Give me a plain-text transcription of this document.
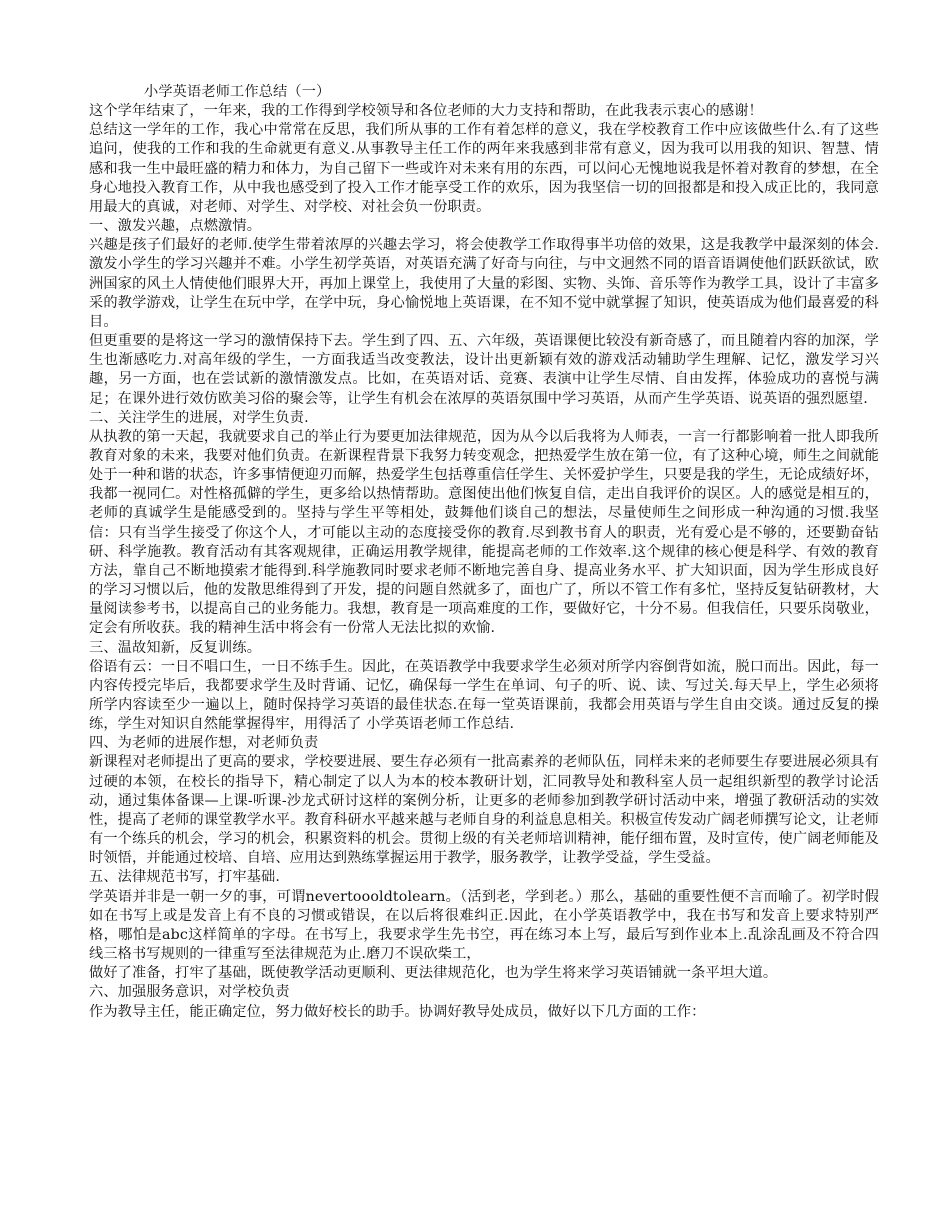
小学英语老师工作总结（一）

这个学年结束了，一年来，我的工作得到学校领导和各位老师的大力支持和帮助，在此我表示衷心的感谢！

总结这一学年的工作，我心中常常在反思，我们所从事的工作有着怎样的意义，我在学校教育工作中应该做些什么.有了这些追问，使我的工作和我的生命就更有意义.从事教导主任工作的两年来我感到非常有意义，因为我可以用我的知识、智慧、情感和我一生中最旺盛的精力和体力，为自己留下一些或许对未来有用的东西，可以问心无愧地说我是怀着对教育的梦想，在全身心地投入教育工作，从中我也感受到了投入工作才能享受工作的欢乐，因为我坚信一切的回报都是和投入成正比的，我同意用最大的真诚，对老师、对学生、对学校、对社会负一份职责。

一、激发兴趣，点燃激情。

兴趣是孩子们最好的老师.使学生带着浓厚的兴趣去学习，将会使教学工作取得事半功倍的效果，这是我教学中最深刻的体会.激发小学生的学习兴趣并不难。小学生初学英语，对英语充满了好奇与向往，与中文迥然不同的语音语调使他们跃跃欲试，欧洲国家的风土人情使他们眼界大开，再加上课堂上，我使用了大量的彩图、实物、头饰、音乐等作为教学工具，设计了丰富多采的教学游戏，让学生在玩中学，在学中玩，身心愉悦地上英语课，在不知不觉中就掌握了知识，使英语成为他们最喜爱的科目。

但更重要的是将这一学习的激情保持下去。学生到了四、五、六年级，英语课便比较没有新奇感了，而且随着内容的加深，学生也渐感吃力.对高年级的学生，一方面我适当改变教法，设计出更新颖有效的游戏活动辅助学生理解、记忆，激发学习兴趣，另一方面，也在尝试新的激情激发点。比如，在英语对话、竞赛、表演中让学生尽情、自由发挥，体验成功的喜悦与满足；在课外进行效仿欧美习俗的聚会等，让学生有机会在浓厚的英语氛围中学习英语，从而产生学英语、说英语的强烈愿望.

二、关注学生的进展，对学生负责.

从执教的第一天起，我就要求自己的举止行为要更加法律规范，因为从今以后我将为人师表，一言一行都影响着一批人即我所教育对象的未来，我要对他们负责。在新课程背景下我努力转变观念，把热爱学生放在第一位，有了这种心境，师生之间就能处于一种和谐的状态，许多事情便迎刃而解，热爱学生包括尊重信任学生、关怀爱护学生，只要是我的学生，无论成绩好坏，我都一视同仁。对性格孤僻的学生，更多给以热情帮助。意图使出他们恢复自信，走出自我评价的误区。人的感觉是相互的，老师的真诚学生是能感受到的。坚持与学生平等相处，鼓舞他们谈自己的想法，尽量使师生之间形成一种沟通的习惯.我坚信：只有当学生接受了你这个人，才可能以主动的态度接受你的教育.尽到教书育人的职责，光有爱心是不够的，还要勤奋钻研、科学施教。教育活动有其客观规律，正确运用教学规律，能提高老师的工作效率.这个规律的核心便是科学、有效的教育方法，靠自己不断地摸索才能得到.科学施教同时要求老师不断地完善自身、提高业务水平、扩大知识面，因为学生形成良好的学习习惯以后，他的发散思维得到了开发，提的问题自然就多了，面也广了，所以不管工作有多忙，坚持反复钻研教材，大量阅读参考书，以提高自己的业务能力。我想，教育是一项高难度的工作，要做好它，十分不易。但我信任，只要乐岗敬业，定会有所收获。我的精神生活中将会有一份常人无法比拟的欢愉.

三、温故知新，反复训练。

俗语有云：一日不唱口生，一日不练手生。因此，在英语教学中我要求学生必须对所学内容倒背如流，脱口而出。因此，每一内容传授完毕后，我都要求学生及时背诵、记忆，确保每一学生在单词、句子的听、说、读、写过关.每天早上，学生必须将所学内容读至少一遍以上，随时保持学习英语的最佳状态.在每一堂英语课前，我都会用英语与学生自由交谈。通过反复的操练，学生对知识自然能掌握得牢，用得活了 小学英语老师工作总结.

四、为老师的进展作想，对老师负责

新课程对老师提出了更高的要求，学校要进展、要生存必须有一批高素养的老师队伍，同样未来的老师要生存要进展必须具有过硬的本领，在校长的指导下，精心制定了以人为本的校本教研计划，汇同教导处和教科室人员一起组织新型的教学讨论活动，通过集体备课—上课-听课-沙龙式研讨这样的案例分析，让更多的老师参加到教学研讨活动中来，增强了教研活动的实效性，提高了老师的课堂教学水平。教育科研水平越来越与老师自身的利益息息相关。积极宣传发动广阔老师撰写论文，让老师有一个练兵的机会，学习的机会，积累资料的机会。贯彻上级的有关老师培训精神，能仔细布置，及时宣传，使广阔老师能及时领悟，并能通过校培、自培、应用达到熟练掌握运用于教学，服务教学，让教学受益，学生受益。

五、法律规范书写，打牢基础.

学英语并非是一朝一夕的事，可谓nevertoooldtolearn。（活到老，学到老。）那么，基础的重要性便不言而喻了。初学时假如在书写上或是发音上有不良的习惯或错误，在以后将很难纠正.因此，在小学英语教学中，我在书写和发音上要求特别严格，哪怕是abc这样简单的字母。在书写上，我要求学生先书空，再在练习本上写，最后写到作业本上.乱涂乱画及不符合四线三格书写规则的一律重写至法律规范为止.磨刀不误砍柴工，

做好了准备，打牢了基础，既使教学活动更顺利、更法律规范化，也为学生将来学习英语铺就一条平坦大道。

六、加强服务意识，对学校负责

作为教导主任，能正确定位，努力做好校长的助手。协调好教导处成员，做好以下几方面的工作：
